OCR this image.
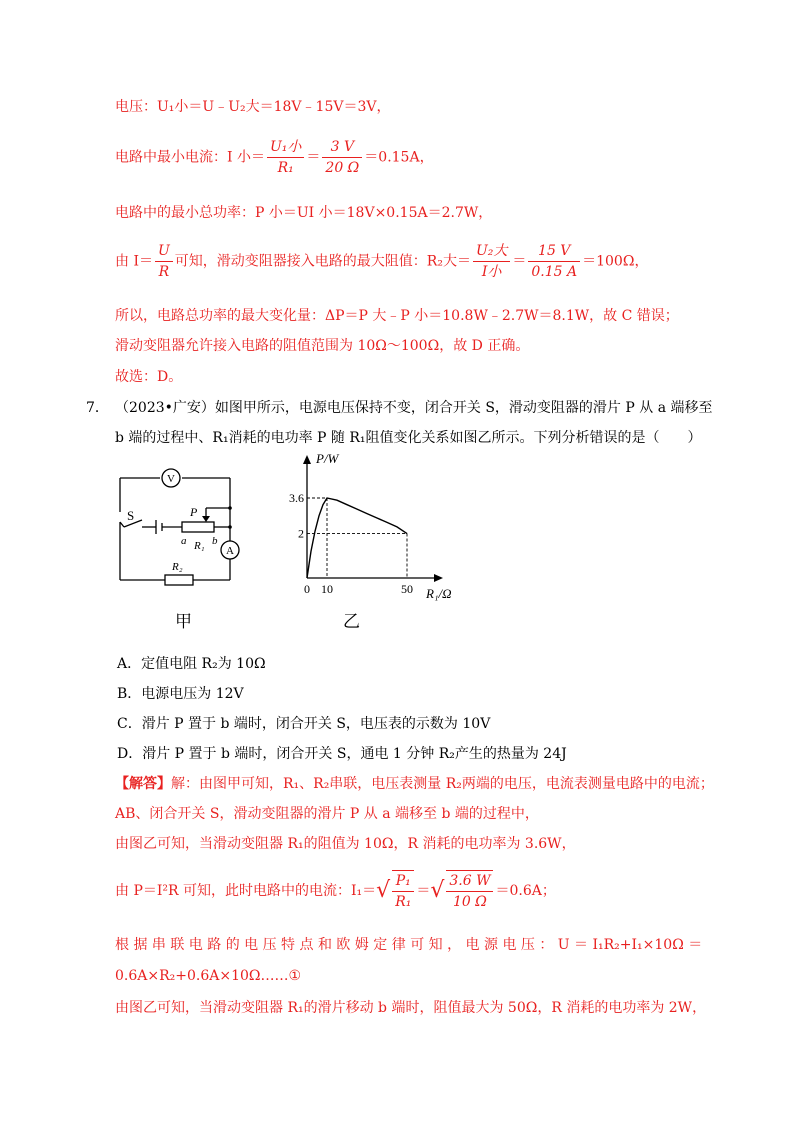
电压：U₁小＝U﹣U₂大＝18V﹣15V＝3V，
电路中最小电流：I 小＝ $\frac{\text{U₁小}}{\text{R₁}} = \frac{3 V}{20 \Omega} =0.15A$，
电路中的最小总功率：P 小＝UI 小＝18V×0.15A＝2.7W，
由 $I= \frac{U}{R}$ 可知，滑动变阻器接入电路的最大阻值：R₂大＝ $\frac{\text{U₂大}}{\text{I小}} = \frac{15 V}{0.15 A} =100\Omega$，
所以，电路总功率的最大变化量：ΔP＝P 大﹣P 小＝10.8W﹣2.7W＝8.1W，故 C 错误；
滑动变阻器允许接入电路的阻值范围为 10Ω～100Ω，故 D 正确。
故选：D。
7． （2023•广安）如图甲所示，电源电压保持不变，闭合开关 S，滑动变阻器的滑片 P 从 a 端移至
b 端的过程中、R₁消耗的电功率 P 随 R₁阻值变化关系如图乙所示。下列分析错误的是（　　）
V
A
S	P
a b
R₁
R₂
P/W
R₁/Ω
0 10	50
3.6
2
甲	乙
A．定值电阻 R₂为 10Ω
B．电源电压为 12V
C．滑片 P 置于 b 端时，闭合开关 S，电压表的示数为 10V
D．滑片 P 置于 b 端时，闭合开关 S，通电 1 分钟 R₂产生的热量为 24J
【解答】解：由图甲可知，R₁、R₂串联，电压表测量 R₂两端的电压，电流表测量电路中的电流；
AB、闭合开关 S，滑动变阻器的滑片 P 从 a 端移至 b 端的过程中，
由图乙可知，当滑动变阻器 R₁的阻值为 10Ω，R 消耗的电功率为 3.6W，
由 P＝I²R 可知，此时电路中的电流：$I_1=√ \frac{\text{P₁}}{\text{R₁}}$ ＝√ $\frac{3.6 W}{10 \Omega} =0.6A$；
根 据 串 联 电 路 的 电 压 特 点 和 欧 姆 定 律 可 知 ， 电 源 电 压 ： U ＝ I₁R₂+I₁×10Ω ＝
0.6A×R₂+0.6A×10Ω……①
由图乙可知，当滑动变阻器 R₁的滑片移动 b 端时，阻值最大为 50Ω，R 消耗的电功率为 2W，
